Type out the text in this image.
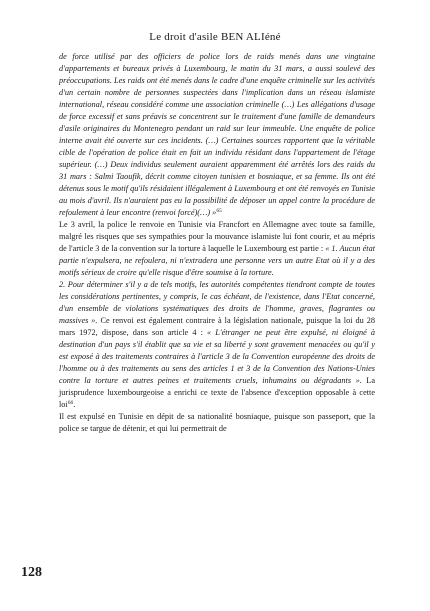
Le droit d'asile BEN ALIéné

de force utilisé par des officiers de police lors de raids menés dans une vingtaine d'appartements et bureaux privés à Luxembourg, le matin du 31 mars, a aussi soulevé des préoccupations. Les raids ont été menés dans le cadre d'une enquête criminelle sur les activités d'un certain nombre de personnes suspectées dans l'implication dans un réseau islamiste international, réseau considéré comme une association criminelle (…) Les allégations d'usage de force excessif et sans préavis se concentrent sur le traitement d'une famille de demandeurs d'asile originaires du Montenegro pendant un raid sur leur immeuble. Une enquête de police interne avait été ouverte sur ces incidents. (…) Certaines sources rapportent que la véritable cible de l'opération de police était en fait un individu résidant dans l'appartement de l'étage supérieur. (…) Deux individus seulement auraient apparemment été arrêtés lors des raids du 31 mars : Salmi Taoufik, décrit comme citoyen tunisien et bosniaque, et sa femme. Ils ont été détenus sous le motif qu'ils résidaient illégalement à Luxembourg et ont été renvoyés en Tunisie au mois d'avril. Ils n'auraient pas eu la possibilité de déposer un appel contre la procédure de refoulement à leur encontre (renvoi forcé)(…) »$^{65}$

Le 3 avril, la police le renvoie en Tunisie via Francfort en Allemagne avec toute sa famille, malgré les risques que ses sympathies pour la mouvance islamiste lui font courir, et au mépris de l'article 3 de la convention sur la torture à laquelle le Luxembourg est partie : « 1. Aucun état partie n'expulsera, ne refoulera, ni n'extradera une personne vers un autre Etat où il y a des motifs sérieux de croire qu'elle risque d'être soumise à la torture.

2. Pour déterminer s'il y a de tels motifs, les autorités compétentes tiendront compte de toutes les considérations pertinentes, y compris, le cas échéant, de l'existence, dans l'Etat concerné, d'un ensemble de violations systématiques des droits de l'homme, graves, flagrantes ou massives ». Ce renvoi est également contraire à la législation nationale, puisque la loi du 28 mars 1972, dispose, dans son article 4 : « L'étranger ne peut être expulsé, ni éloigné à destination d'un pays s'il établit que sa vie et sa liberté y sont gravement menacées ou qu'il y est exposé à des traitements contraires à l'article 3 de la Convention européenne des droits de l'homme ou à des traitements au sens des articles 1 et 3 de la Convention des Nations-Unies contre la torture et autres peines et traitements cruels, inhumains ou dégradants ». La jurisprudence luxembourgeoise a enrichi ce texte de l'absence d'exception opposable à cette loi$^{66}$.

Il est expulsé en Tunisie en dépit de sa nationalité bosniaque, puisque son passeport, que la police se targue de détenir, et qui lui permettrait de

128
